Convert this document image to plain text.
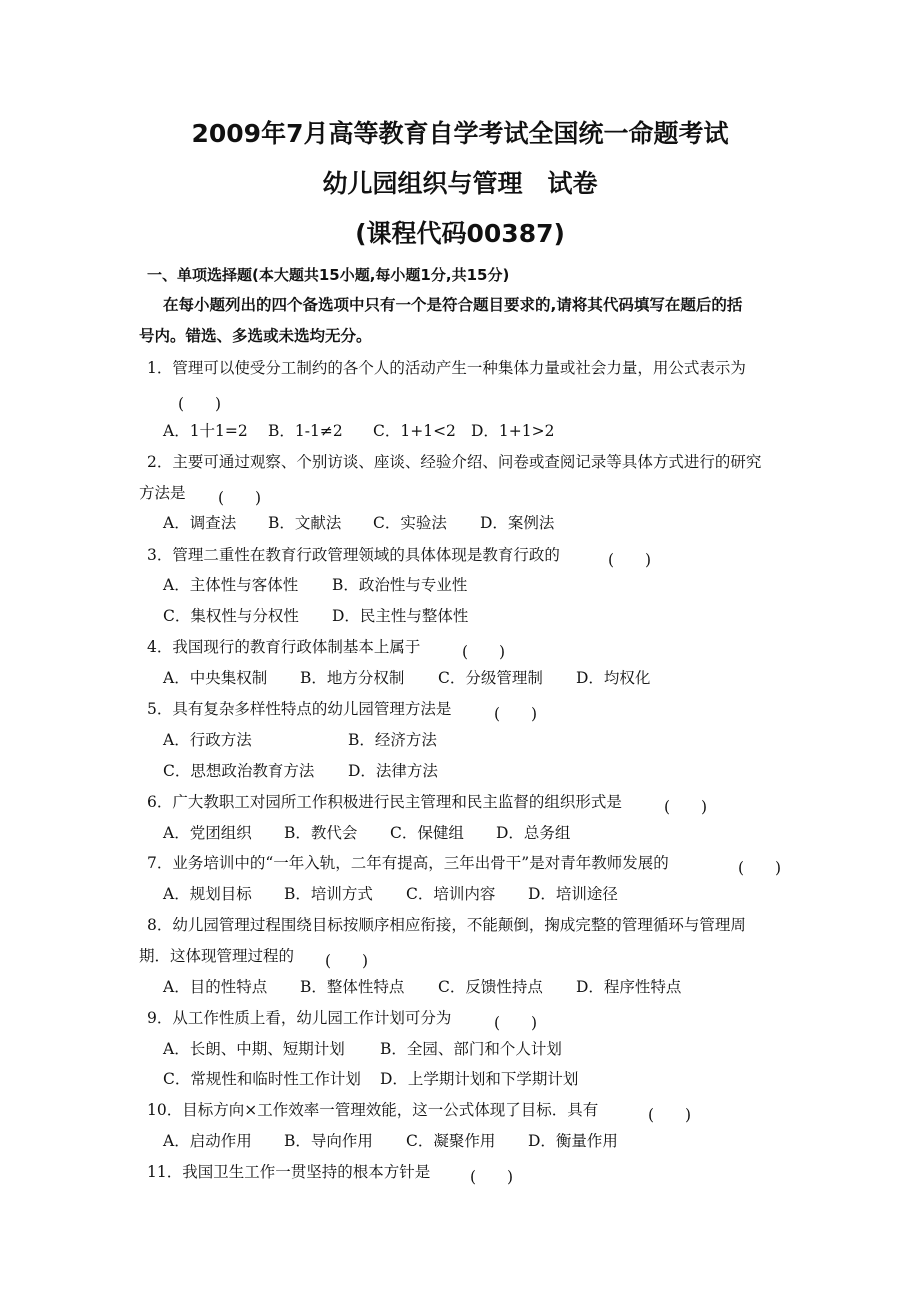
2009年7月高等教育自学考试全国统一命题考试
幼儿园组织与管理　试卷
(课程代码00387)
一、单项选择题(本大题共15小题,每小题1分,共15分)
在每小题列出的四个备选项中只有一个是符合题目要求的,请将其代码填写在题后的括
号内。错选、多选或未选均无分。
1．管理可以使受分工制约的各个人的活动产生一种集体力量或社会力量，用公式表示为
(　　)
A．1十1=2 B．1-1≠2 C．1+1<2 D．1+1>2
2．主要可通过观察、个别访谈、座谈、经验介绍、问卷或查阅记录等具体方式进行的研究
方法是 (　　)
A．调查法 B．文献法 C．实验法 D．案例法
3．管理二重性在教育行政管理领域的具体体现是教育行政的	(　　)
A．主体性与客体性 B．政治性与专业性
C．集权性与分权性 D．民主性与整体性
4．我国现行的教育行政体制基本上属于	(　　)
A．中央集权制 B．地方分权制 C．分级管理制 D．均权化
5．具有复杂多样性特点的幼儿园管理方法是	(　　)
A．行政方法	B．经济方法
C．思想政治教育方法 D．法律方法
6．广大教职工对园所工作积极进行民主管理和民主监督的组织形式是	(　　)
A．党团组织 B．教代会 C．保健组 D．总务组
7．业务培训中的“一年入轨，二年有提高，三年出骨干”是对青年教师发展的	(　　)
A．规划目标 B．培训方式 C．培训内容 D．培训途径
8．幼儿园管理过程围绕目标按顺序相应衔接，不能颠倒，掬成完整的管理循环与管理周
期．这体现管理过程的 (　　)
A．目的性特点 B．整体性特点 C．反馈性持点 D．程序性特点
9．从工作性质上看，幼儿园工作计划可分为	(　　)
A．长朗、中期、短期计划 B．全园、部门和个人计划
C．常规性和临时性工作计划 D．上学期计划和下学期计划
10．目标方向×工作效率一管理效能，这一公式体现了目标．具有	(　　)
A．启动作用 B．导向作用 C．凝聚作用 D．衡量作用
11．我国卫生工作一贯坚持的根本方针是	(　　)
